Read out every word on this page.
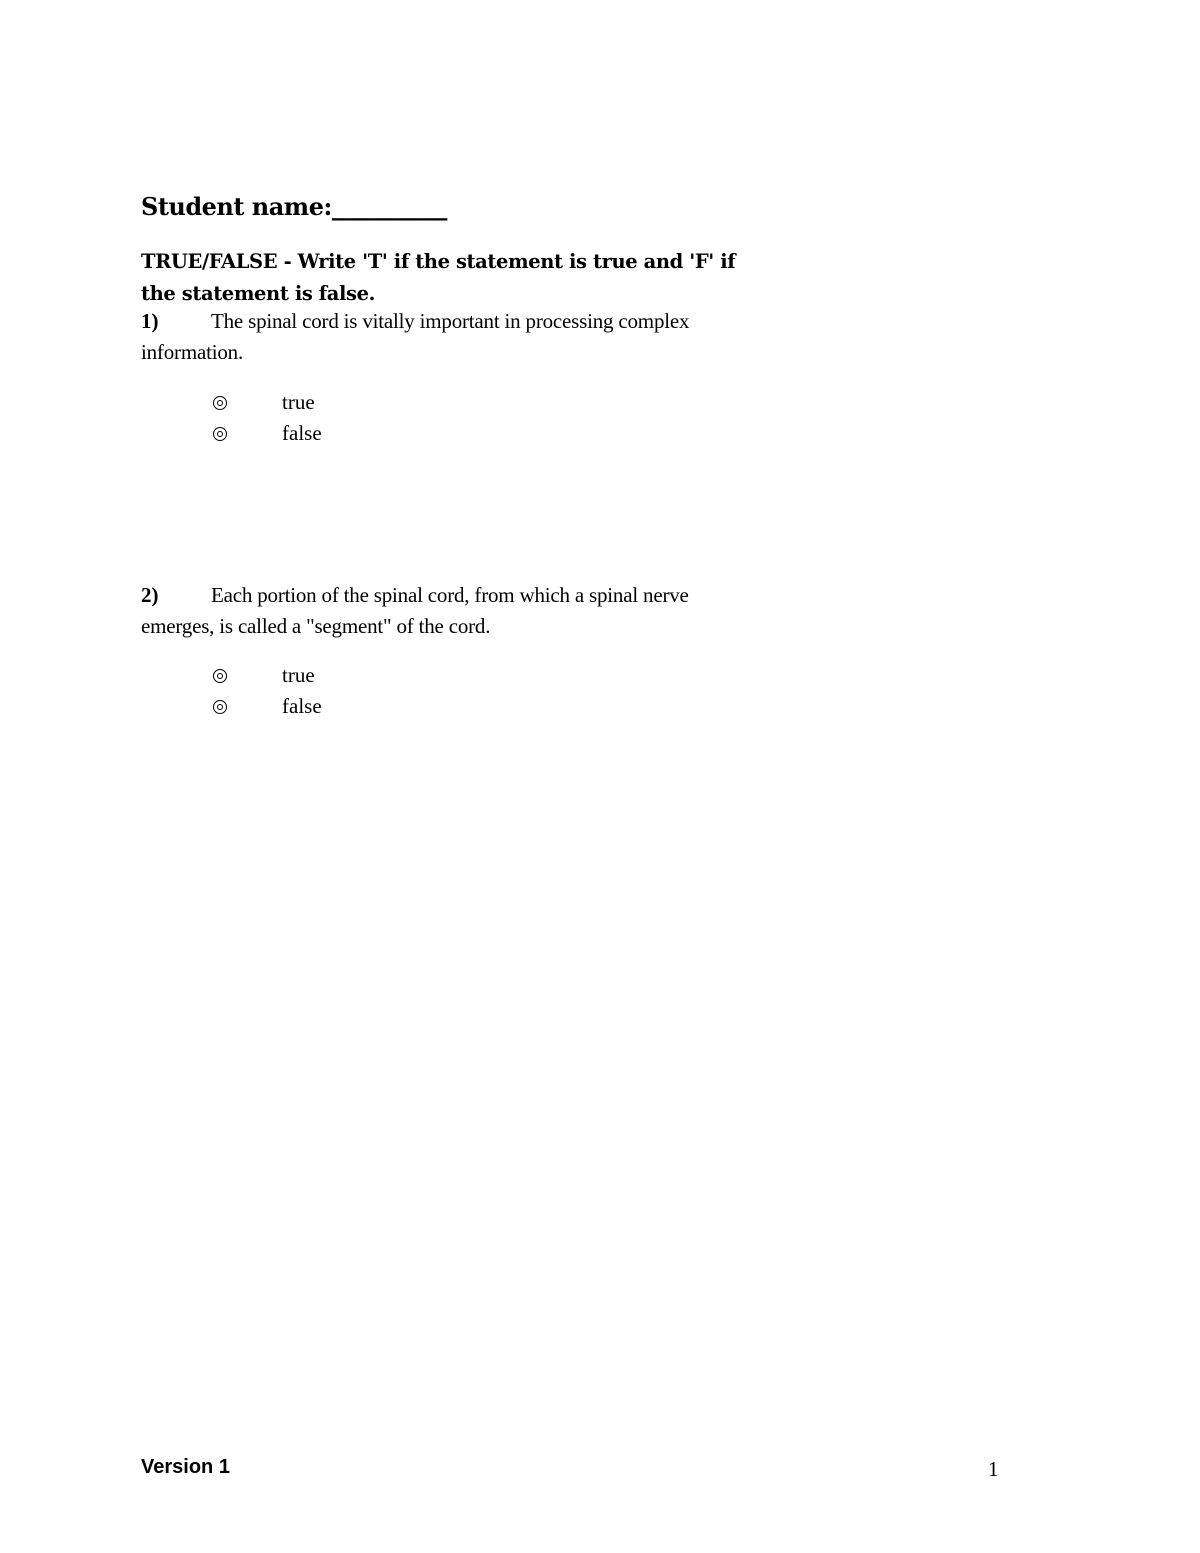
Student name:__________
TRUE/FALSE - Write 'T' if the statement is true and 'F' if the statement is false.
1)	The spinal cord is vitally important in processing complex information.
true
false
2)	Each portion of the spinal cord, from which a spinal nerve emerges, is called a "segment" of the cord.
true
false
Version 1	1
